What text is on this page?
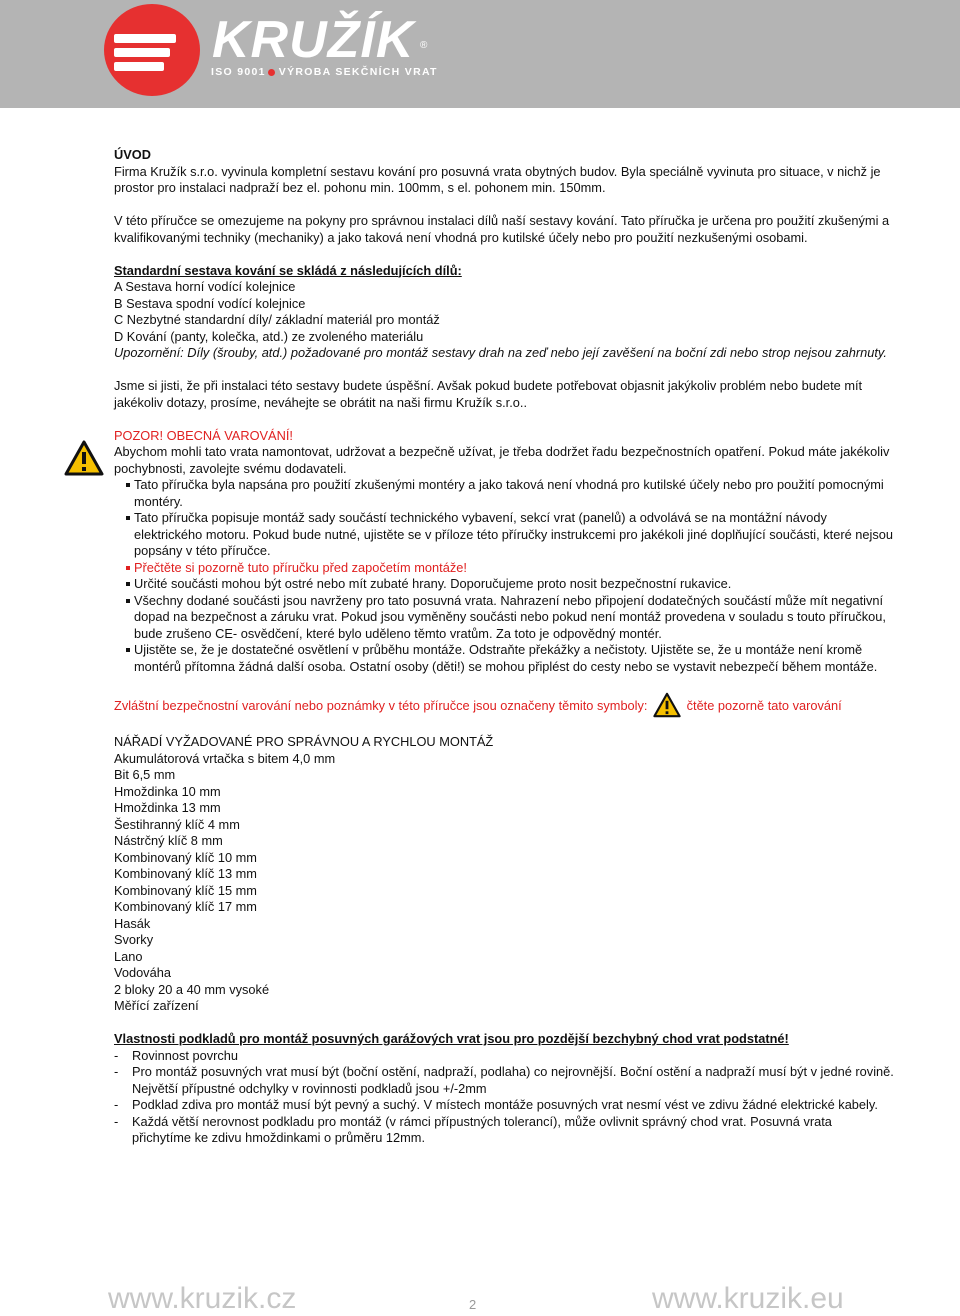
KRUŽÍK ®
ISO 9001 VÝROBA SEKČNÍCH VRAT

ÚVOD

Firma Kružík s.r.o. vyvinula kompletní sestavu kování pro posuvná vrata obytných budov. Byla speciálně vyvinuta pro situace, v nichž je prostor pro instalaci nadpraží bez el. pohonu min. 100mm, s el. pohonem min. 150mm.

V této příručce se omezujeme na pokyny pro správnou instalaci dílů naší sestavy kování. Tato příručka je určena pro použití zkušenými a kvalifikovanými techniky (mechaniky) a jako taková není vhodná pro kutilské účely nebo pro použití nezkušenými osobami.

Standardní sestava kování se skládá z následujících dílů:

A Sestava horní vodící kolejnice

B Sestava spodní vodící kolejnice

C Nezbytné standardní díly/ základní materiál pro montáž

D Kování (panty, kolečka, atd.) ze zvoleného materiálu

Upozornění: Díly (šrouby, atd.) požadované pro montáž sestavy drah na zeď nebo její zavěšení na boční zdi nebo strop nejsou zahrnuty.

Jsme si jisti, že při instalaci této sestavy budete úspěšní. Avšak pokud budete potřebovat objasnit jakýkoliv problém nebo budete mít jakékoliv dotazy, prosíme, neváhejte se obrátit na naši firmu Kružík s.r.o..

POZOR! OBECNÁ VAROVÁNÍ!

Abychom mohli tato vrata namontovat, udržovat a bezpečně užívat, je třeba dodržet řadu bezpečnostních opatření. Pokud máte jakékoliv pochybnosti, zavolejte svému dodavateli.

Tato příručka byla napsána pro použití zkušenými montéry a jako taková není vhodná pro kutilské účely nebo pro použití pomocnými montéry.
Tato příručka popisuje montáž sady součástí technického vybavení, sekcí vrat (panelů) a odvolává se na montážní návody elektrického motoru. Pokud bude nutné, ujistěte se v příloze této příručky instrukcemi pro jakékoli jiné doplňující součásti, které nejsou popsány v této příručce.
Přečtěte si pozorně tuto příručku před započetím montáže!
Určité součásti mohou být ostré nebo mít zubaté hrany. Doporučujeme proto nosit bezpečnostní rukavice.
Všechny dodané součásti jsou navrženy pro tato posuvná vrata. Nahrazení nebo připojení dodatečných součástí může mít negativní dopad na bezpečnost a záruku vrat. Pokud jsou vyměněny součásti nebo pokud není montáž provedena v souladu s touto příručkou, bude zrušeno CE- osvědčení, které bylo uděleno těmto vratům. Za toto je odpovědný montér.
Ujistěte se, že je dostatečné osvětlení v průběhu montáže. Odstraňte překážky a nečistoty. Ujistěte se, že u montáže není kromě montérů přítomna žádná další osoba. Ostatní osoby (děti!) se mohou připlést do cesty nebo se vystavit nebezpečí během montáže.

Zvláštní bezpečnostní varování nebo poznámky v této příručce jsou označeny těmito symboly:	čtěte pozorně tato varování

NÁŘADÍ VYŽADOVANÉ PRO SPRÁVNOU A RYCHLOU MONTÁŽ

Akumulátorová vrtačka s bitem 4,0 mm

Bit 6,5 mm

Hmoždinka 10 mm

Hmoždinka 13 mm

Šestihranný klíč 4 mm

Nástrčný klíč 8 mm

Kombinovaný klíč 10 mm

Kombinovaný klíč 13 mm

Kombinovaný klíč 15 mm

Kombinovaný klíč 17 mm

Hasák

Svorky

Lano

Vodováha

2 bloky 20 a 40 mm vysoké

Měřící zařízení

Vlastnosti podkladů pro montáž posuvných garážových vrat jsou pro pozdější bezchybný chod vrat podstatné!

- Rovinnost povrchu
- Pro montáž posuvných vrat musí být (boční ostění, nadpraží, podlaha) co nejrovnější. Boční ostění a nadpraží musí být v jedné rovině. Největší přípustné odchylky v rovinnosti podkladů jsou +/-2mm
- Podklad zdiva pro montáž musí být pevný a suchý. V místech montáže posuvných vrat nesmí vést ve zdivu žádné elektrické kabely.
- Každá větší nerovnost podkladu pro montáž (v rámci přípustných tolerancí), může ovlivnit správný chod vrat. Posuvná vrata přichytíme ke zdivu hmoždinkami o průměru 12mm.
www.kruzik.cz	2	www.kruzik.eu
